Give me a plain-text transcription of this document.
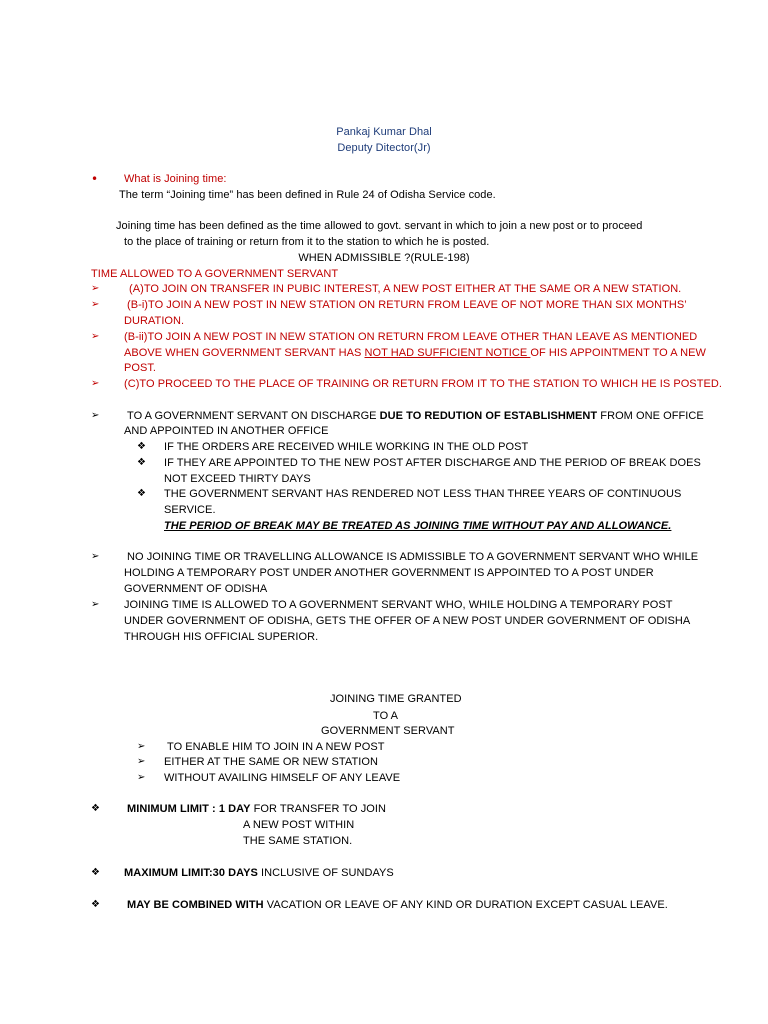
Pankaj Kumar Dhal
Deputy Ditector(Jr)
• What is Joining time:
The term “Joining time” has been defined in Rule 24 of Odisha Service code.
Joining time has been defined as the time allowed to govt. servant in which to join a new post or to proceed
to the place of training or return from it to the station to which he is posted.
WHEN ADMISSIBLE ?(RULE-198)
TIME ALLOWED TO A GOVERNMENT SERVANT
➢	(A)TO JOIN ON TRANSFER IN PUBIC INTEREST, A NEW POST EITHER AT THE SAME OR A NEW STATION.
➢	(B-i)TO JOIN A NEW POST IN NEW STATION ON RETURN FROM LEAVE OF NOT MORE THAN SIX MONTHS’
DURATION.
➢ (B-ii)TO JOIN A NEW POST IN NEW STATION ON RETURN FROM LEAVE OTHER THAN LEAVE AS MENTIONED
ABOVE WHEN GOVERNMENT SERVANT HAS NOT HAD SUFFICIENT NOTICE OF HIS APPOINTMENT TO A NEW
POST.
➢ (C)TO PROCEED TO THE PLACE OF TRAINING OR RETURN FROM IT TO THE STATION TO WHICH HE IS POSTED.
➢	TO A GOVERNMENT SERVANT ON DISCHARGE DUE TO REDUTION OF ESTABLISHMENT FROM ONE OFFICE
AND APPOINTED IN ANOTHER OFFICE
❖ IF THE ORDERS ARE RECEIVED WHILE WORKING IN THE OLD POST
❖ IF THEY ARE APPOINTED TO THE NEW POST AFTER DISCHARGE AND THE PERIOD OF BREAK DOES
NOT EXCEED THIRTY DAYS
❖ THE GOVERNMENT SERVANT HAS RENDERED NOT LESS THAN THREE YEARS OF CONTINUOUS
SERVICE.
THE PERIOD OF BREAK MAY BE TREATED AS JOINING TIME WITHOUT PAY AND ALLOWANCE.
➢	NO JOINING TIME OR TRAVELLING ALLOWANCE IS ADMISSIBLE TO A GOVERNMENT SERVANT WHO WHILE
HOLDING A TEMPORARY POST UNDER ANOTHER GOVERNMENT IS APPOINTED TO A POST UNDER
GOVERNMENT OF ODISHA
➢ JOINING TIME IS ALLOWED TO A GOVERNMENT SERVANT WHO, WHILE HOLDING A TEMPORARY POST
UNDER GOVERNMENT OF ODISHA, GETS THE OFFER OF A NEW POST UNDER GOVERNMENT OF ODISHA
THROUGH HIS OFFICIAL SUPERIOR.
JOINING TIME GRANTED
TO A
GOVERNMENT SERVANT
➢ TO ENABLE HIM TO JOIN IN A NEW POST
➢ EITHER AT THE SAME OR NEW STATION
➢ WITHOUT AVAILING HIMSELF OF ANY LEAVE
❖ MINIMUM LIMIT : 1 DAY FOR TRANSFER TO JOIN
A NEW POST WITHIN
THE SAME STATION.
❖ MAXIMUM LIMIT:30 DAYS INCLUSIVE OF SUNDAYS
❖ MAY BE COMBINED WITH VACATION OR LEAVE OF ANY KIND OR DURATION EXCEPT CASUAL LEAVE.
